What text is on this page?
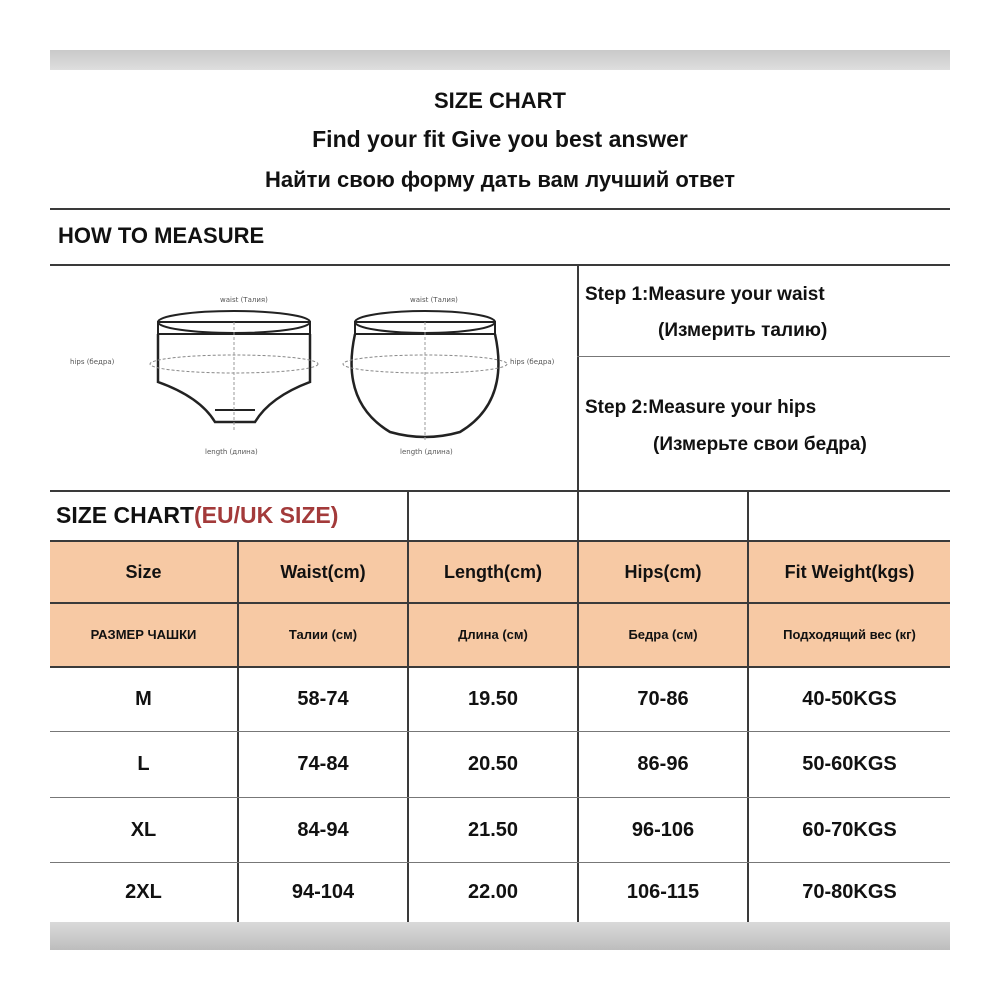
SIZE CHART
Find your fit Give you best answer
Найти свою форму дать вам лучший ответ
HOW TO MEASURE
waist (Талия)
hips (бедра)
length (длина)
waist (Талия)
hips (бедра)
length (длина)
Step 1:Measure your waist
(Измерить талию)
Step 2:Measure your hips
(Измерьте свои бедра)
SIZE CHART(EU/UK SIZE)
Size	Waist(cm)	Length(cm)	Hips(cm)	Fit Weight(kgs)
РАЗМЕР ЧАШКИ	Талии (см)	Длина (см)	Бедра (см)	Подходящий вес (кг)
M	58-74	19.50	70-86	40-50KGS
L	74-84	20.50	86-96	50-60KGS
XL	84-94	21.50	96-106	60-70KGS
2XL	94-104	22.00	106-115	70-80KGS
